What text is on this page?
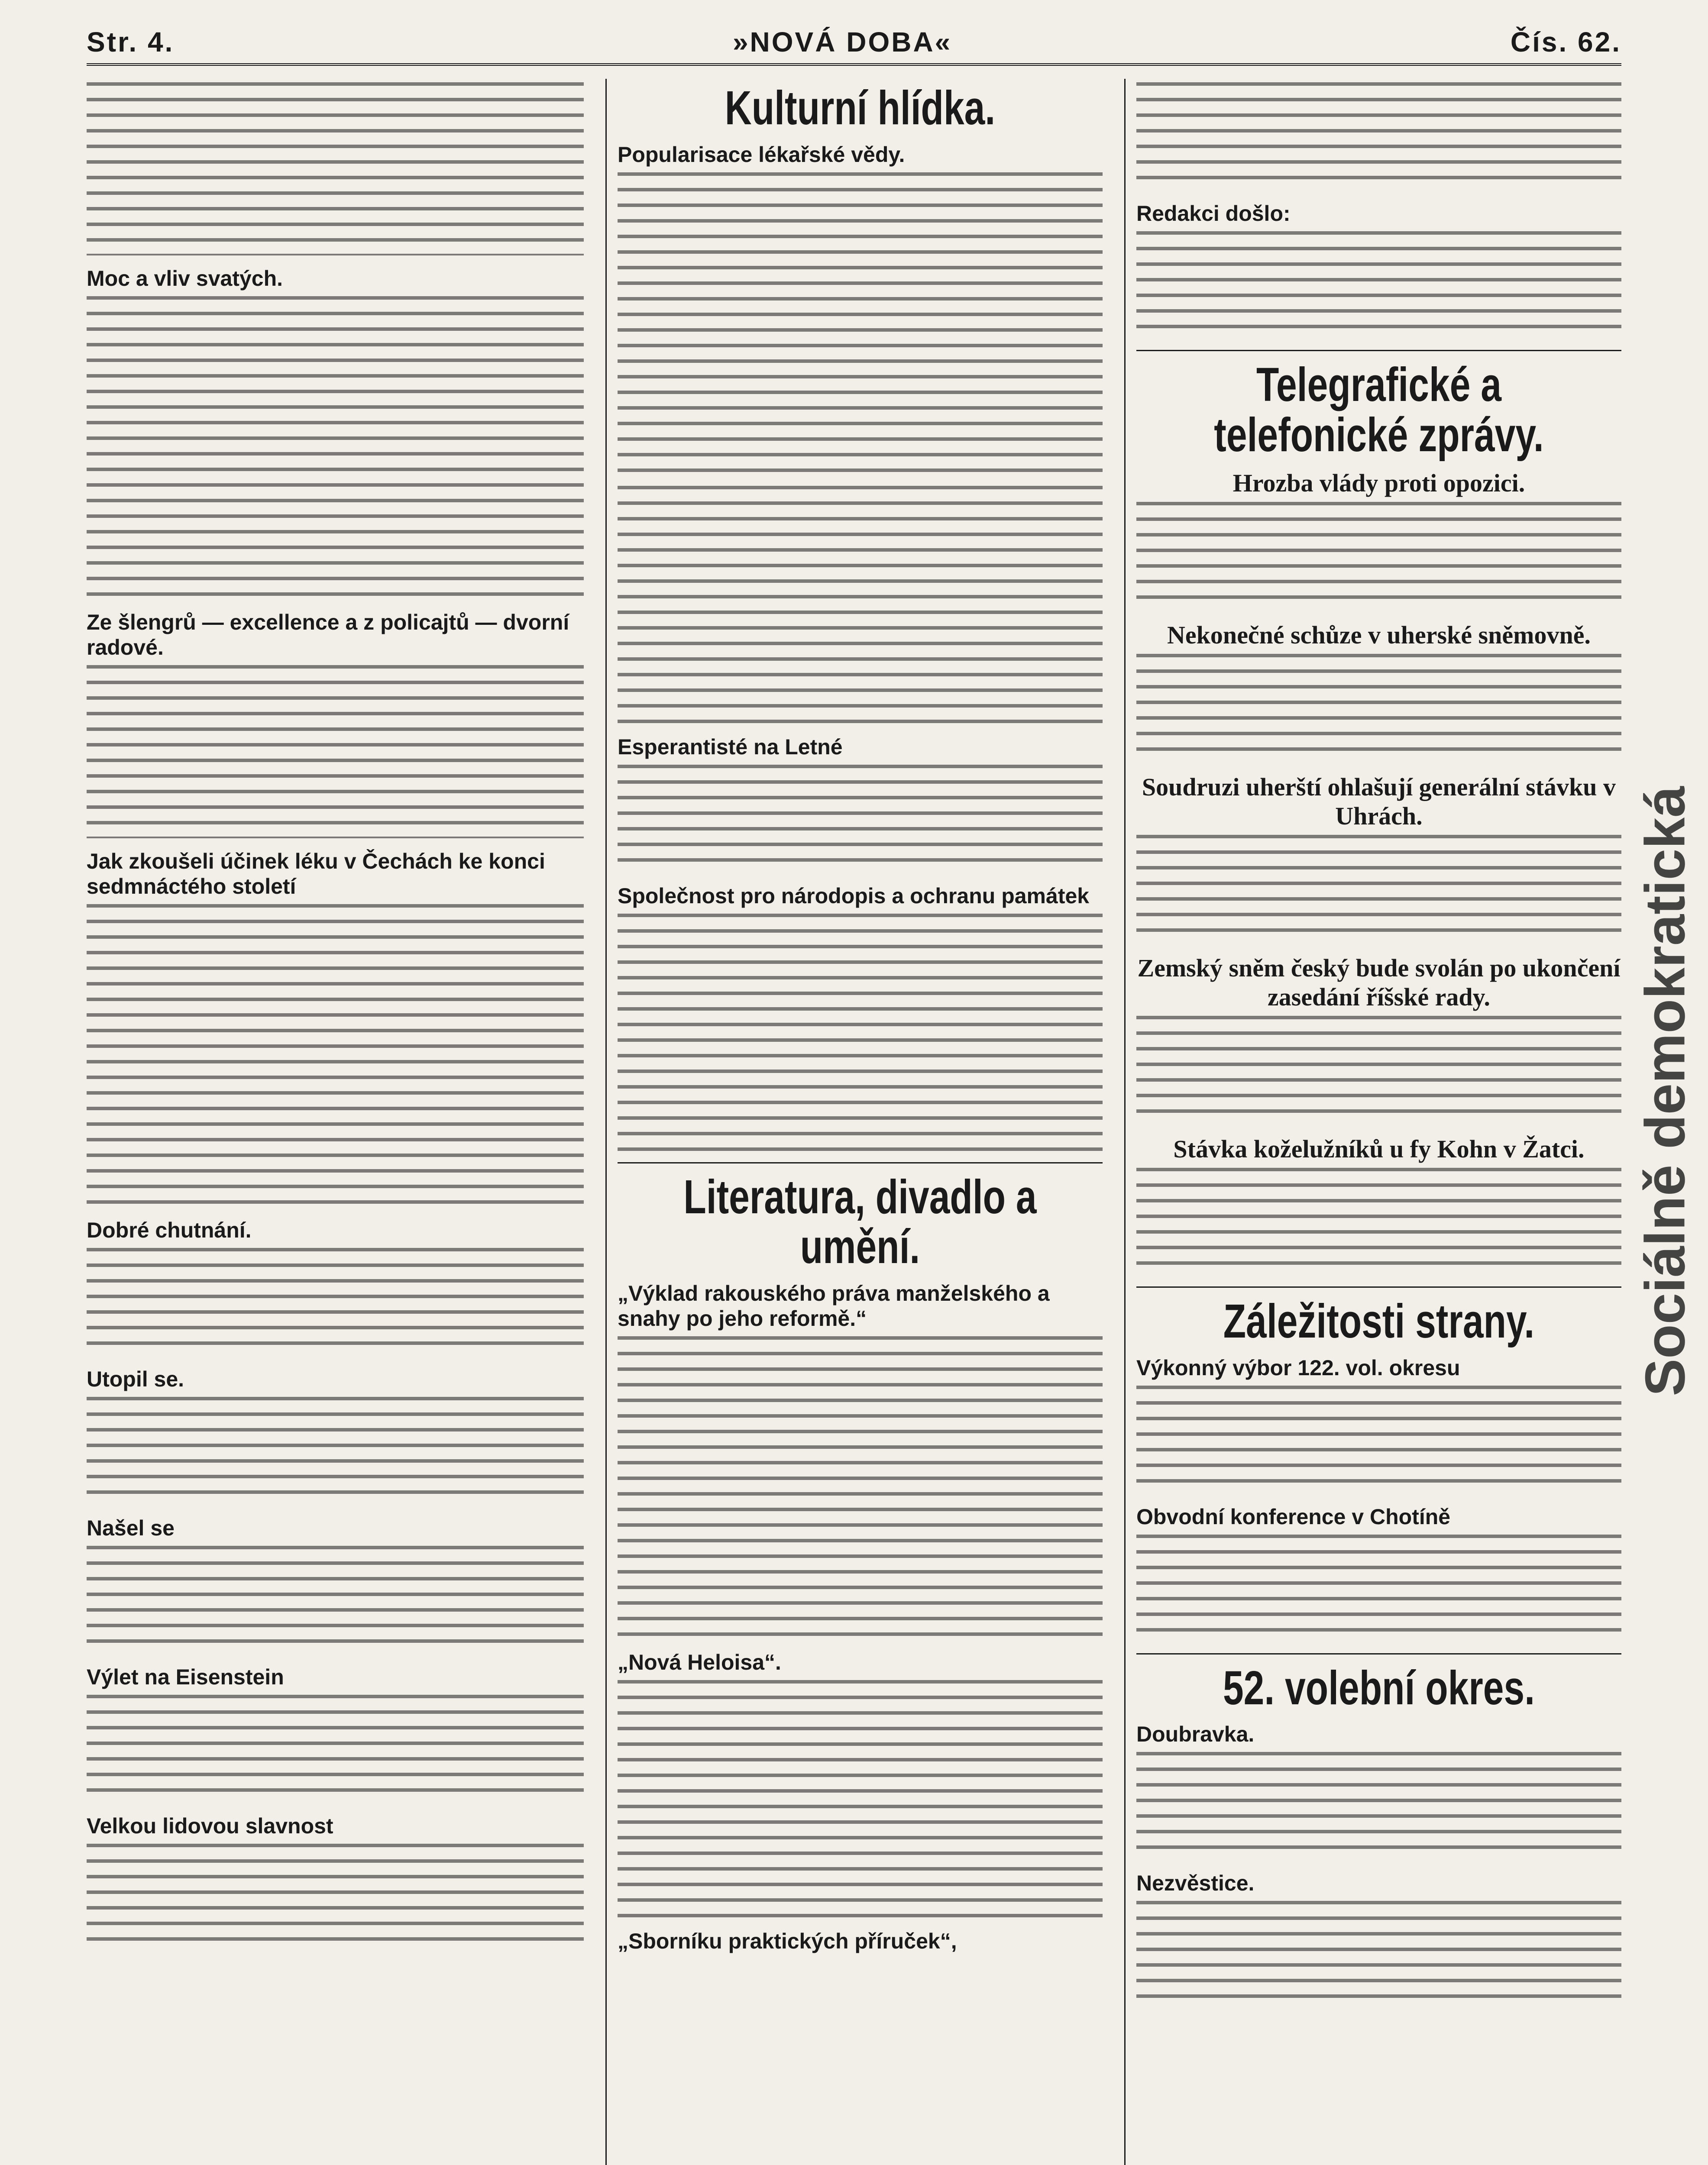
Str. 4.	»NOVÁ DOBA«	Čís. 62.
Moc a vliv svatých.
Ze šlengrů — excellence a z policajtů — dvorní radové.
Jak zkoušeli účinek léku v Čechách ke konci sedmnáctého století
Dobré chutnání.
Utopil se.
Našel se
Výlet na Eisenstein
Velkou lidovou slavnost
Kulturní hlídka.
Popularisace lékařské vědy.
Esperantisté na Letné
Společnost pro národopis a ochranu památek
Literatura, divadlo a umění.
„Výklad rakouského práva manželského a snahy po jeho reformě.“
„Nová Heloisa“.
„Sborníku praktických příruček“,
Redakci došlo:
Telegrafické a telefonické zprávy.
Hrozba vlády proti opozici.
Nekonečné schůze v uherské sněmovně.
Soudruzi uherští ohlašují generální stávku v Uhrách.
Zemský sněm český bude svolán po ukončení zasedání říšské rady.
Stávka koželužníků u fy Kohn v Žatci.
Záležitosti strany.
Výkonný výbor 122. vol. okresu
Obvodní konference v Chotíně
52. volební okres.
Doubravka.
Nezvěstice.
Sociálně demokratická
